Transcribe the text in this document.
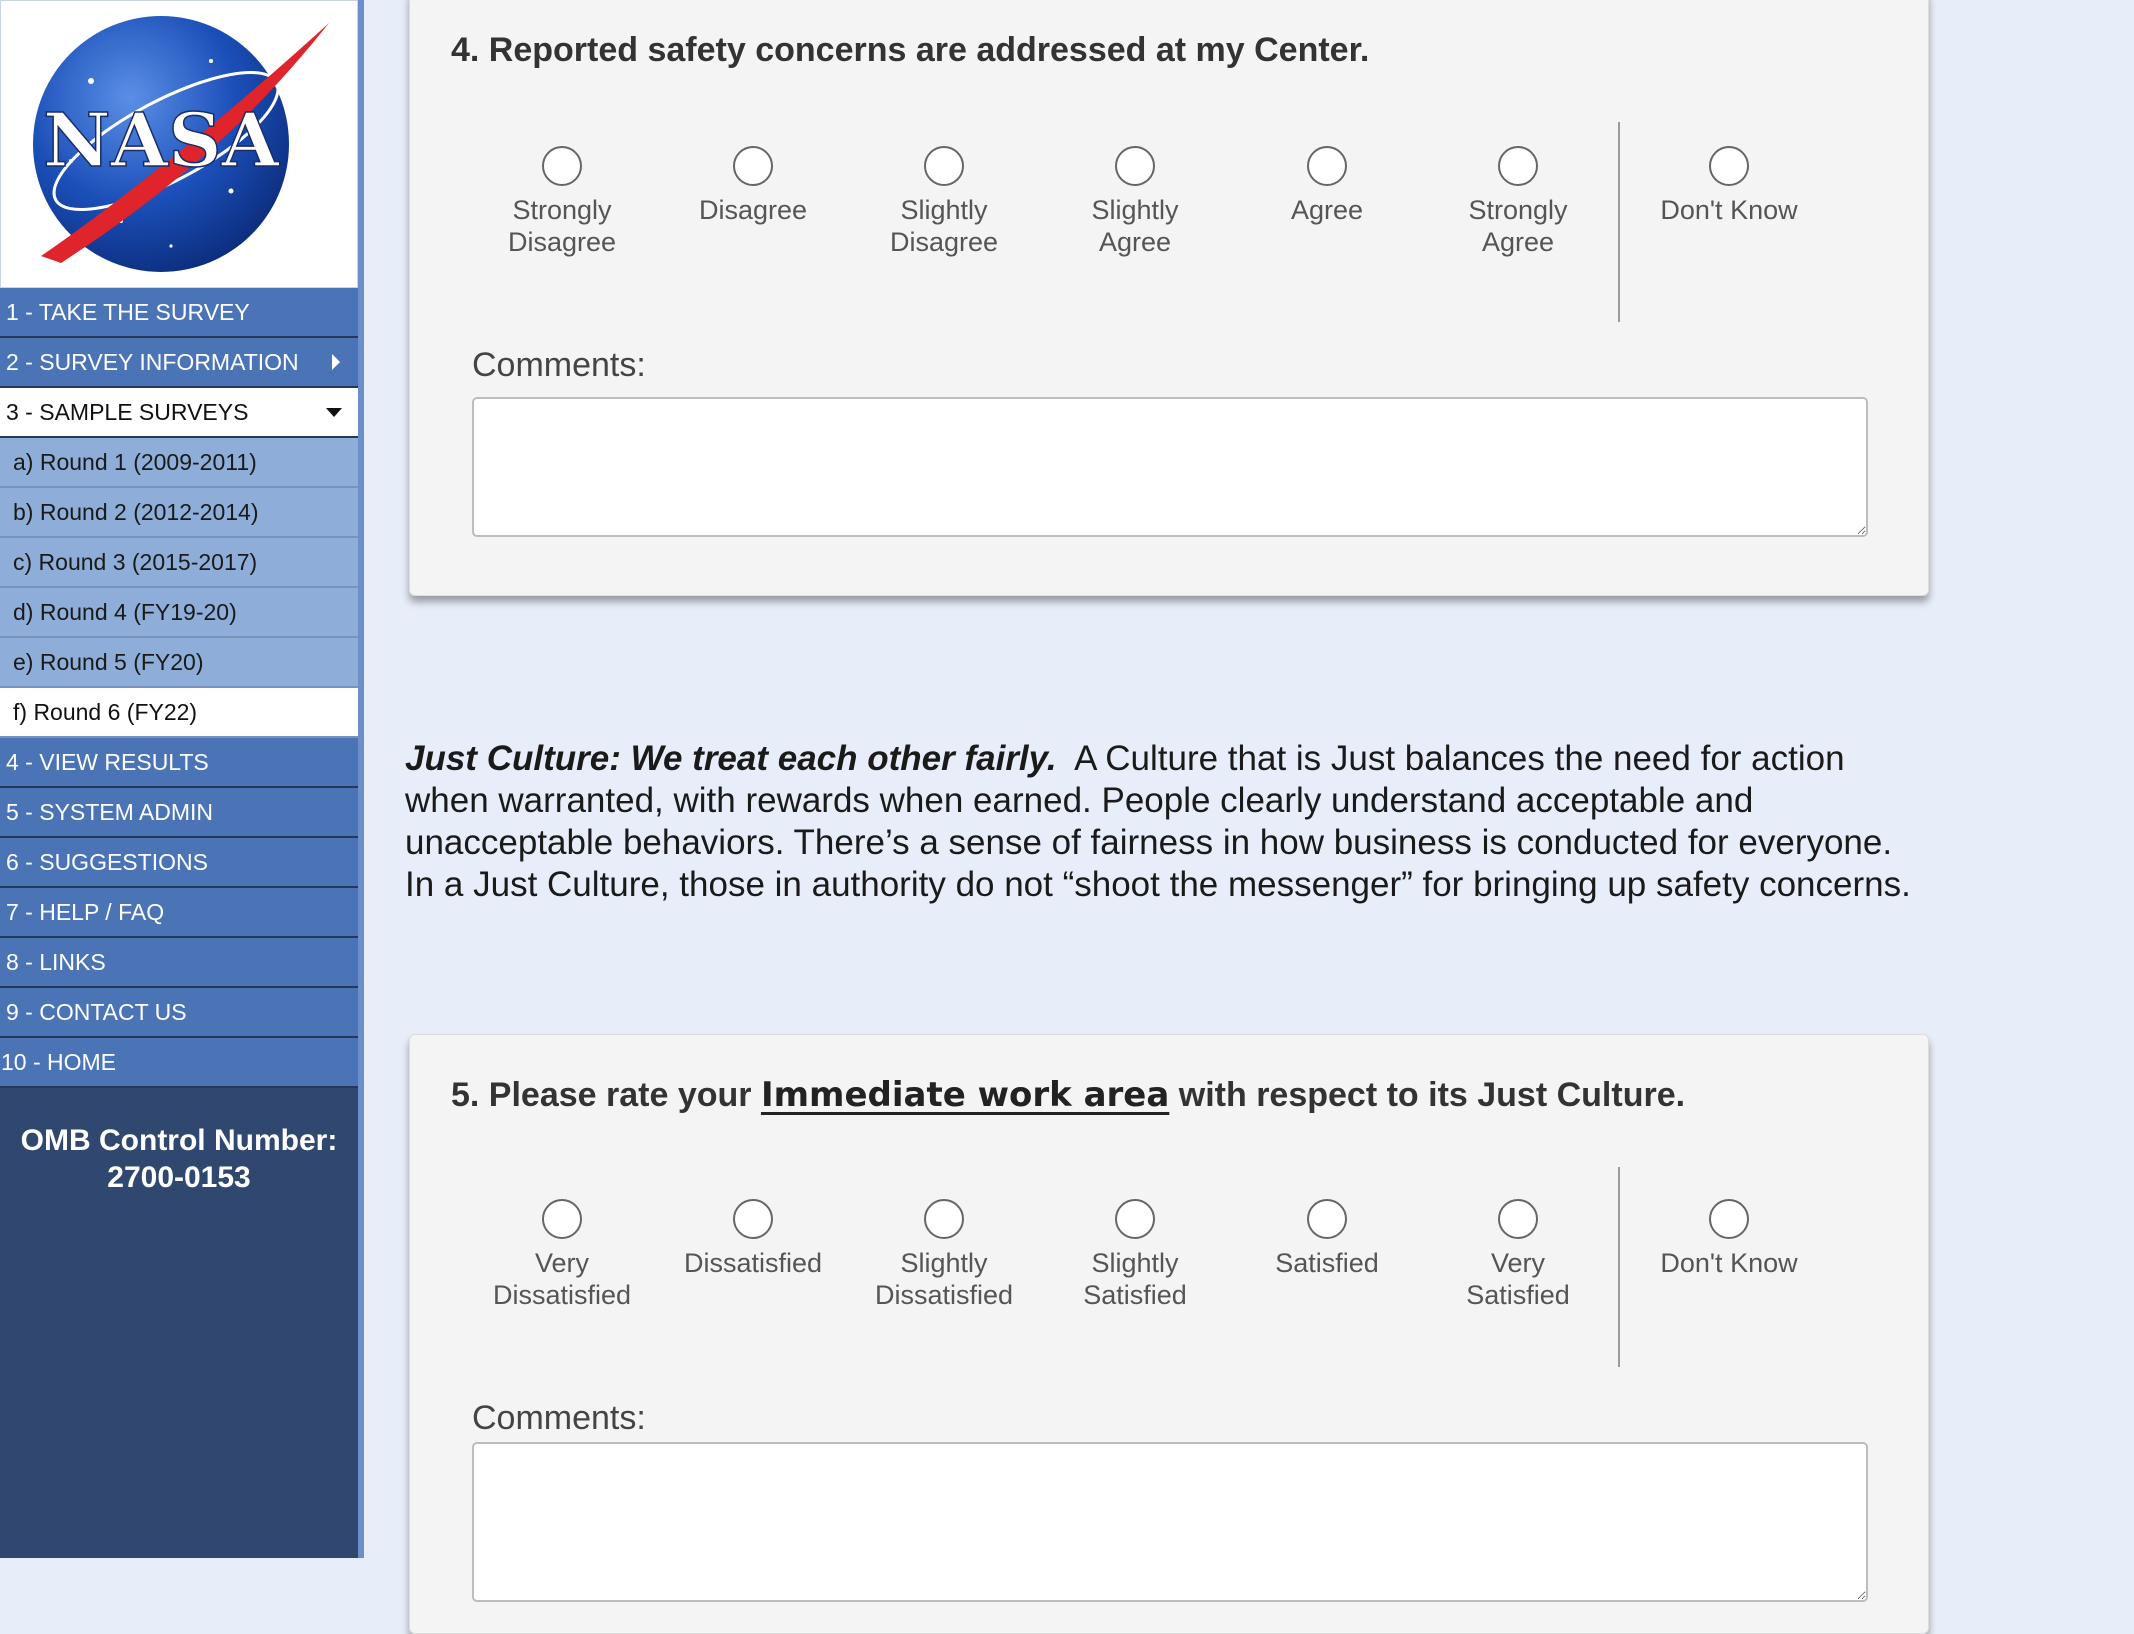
NASA
1 - TAKE THE SURVEY
2 - SURVEY INFORMATION
3 - SAMPLE SURVEYS
a) Round 1 (2009-2011)
b) Round 2 (2012-2014)
c) Round 3 (2015-2017)
d) Round 4 (FY19-20)
e) Round 5 (FY20)
f) Round 6 (FY22)
4 - VIEW RESULTS
5 - SYSTEM ADMIN
6 - SUGGESTIONS
7 - HELP / FAQ
8 - LINKS
9 - CONTACT US
10 - HOME
OMB Control Number:
2700-0153
4. Reported safety concerns are addressed at my Center.
Strongly
Disagree
Disagree	Slightly
Disagree
Slightly
Agree
Agree	Strongly
Agree
Don't Know
Comments:
Just Culture: We treat each other fairly. A Culture that is Just balances the need for action when warranted, with rewards when earned. People clearly understand acceptable and unacceptable behaviors. There’s a sense of fairness in how business is conducted for everyone. In a Just Culture, those in authority do not “shoot the messenger” for bringing up safety concerns.
5. Please rate your Immediate work area with respect to its Just Culture.
Very
Dissatisfied
Dissatisfied	Slightly
Dissatisfied
Slightly
Satisfied
Satisfied	Very
Satisfied
Don't Know
Comments:
